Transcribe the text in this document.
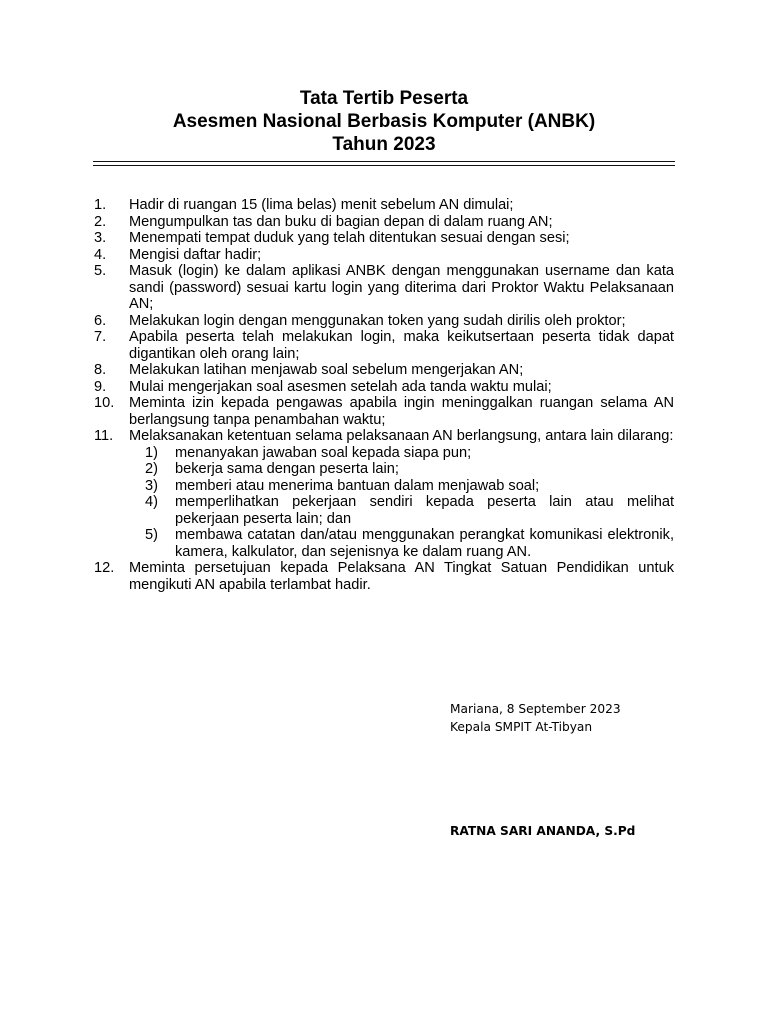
Tata Tertib Peserta

Asesmen Nasional Berbasis Komputer (ANBK)

Tahun 2023

1.	Hadir di ruangan 15 (lima belas) menit sebelum AN dimulai;
2.	Mengumpulkan tas dan buku di bagian depan di dalam ruang AN;
3.	Menempati tempat duduk yang telah ditentukan sesuai dengan sesi;
4.	Mengisi daftar hadir;
5.	Masuk (login) ke dalam aplikasi ANBK dengan menggunakan username dan kata sandi (password) sesuai kartu login yang diterima dari Proktor Waktu Pelaksanaan AN;
6.	Melakukan login dengan menggunakan token yang sudah dirilis oleh proktor;
7.	Apabila peserta telah melakukan login, maka keikutsertaan peserta tidak dapat digantikan oleh orang lain;
8.	Melakukan latihan menjawab soal sebelum mengerjakan AN;
9.	Mulai mengerjakan soal asesmen setelah ada tanda waktu mulai;
10.	Meminta izin kepada pengawas apabila ingin meninggalkan ruangan selama AN berlangsung tanpa penambahan waktu;
11.	Melaksanakan ketentuan selama pelaksanaan AN berlangsung, antara lain dilarang:
1)	menanyakan jawaban soal kepada siapa pun;
2)	bekerja sama dengan peserta lain;
3)	memberi atau menerima bantuan dalam menjawab soal;
4)	memperlihatkan pekerjaan sendiri kepada peserta lain atau melihat pekerjaan peserta lain; dan
5)	membawa catatan dan/atau menggunakan perangkat komunikasi elektronik, kamera, kalkulator, dan sejenisnya ke dalam ruang AN.
12.	Meminta persetujuan kepada Pelaksana AN Tingkat Satuan Pendidikan untuk mengikuti AN apabila terlambat hadir.
Mariana, 8 September 2023
Kepala SMPIT At-Tibyan
RATNA SARI ANANDA, S.Pd
